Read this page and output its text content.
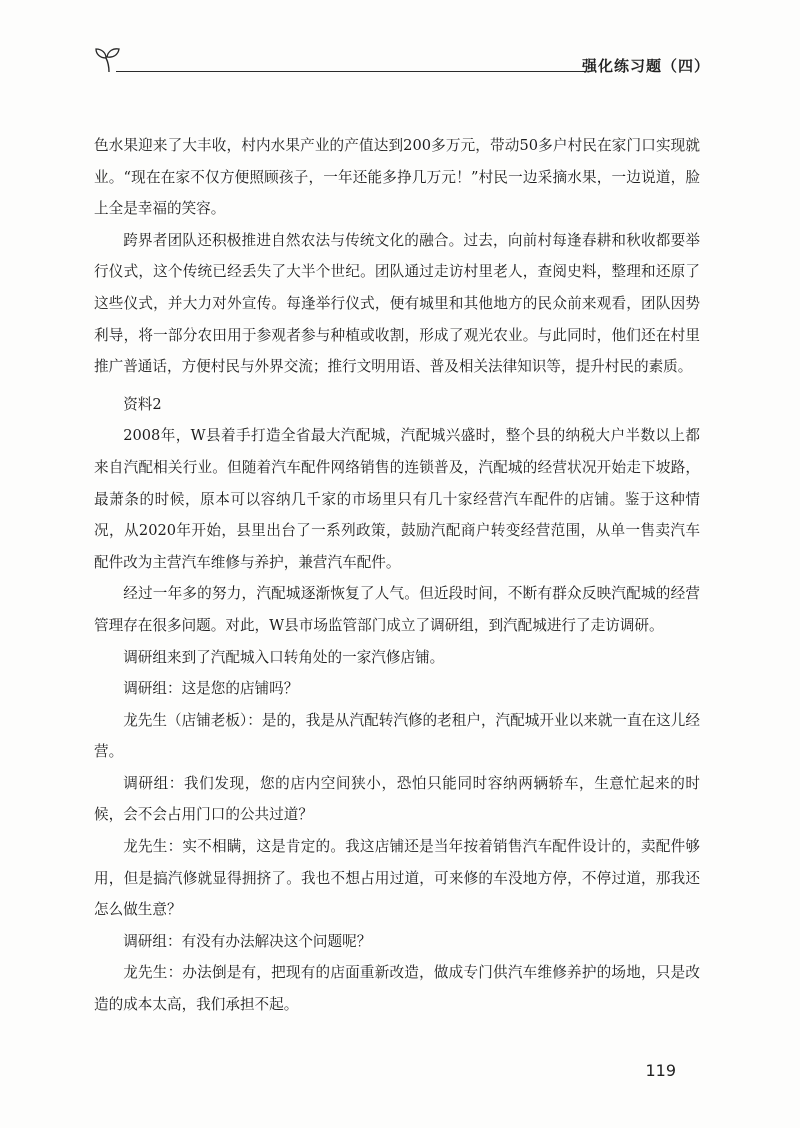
强化练习题（四）

色水果迎来了大丰收，村内水果产业的产值达到200多万元，带动50多户村民在家门口实现就业。“现在在家不仅方便照顾孩子，一年还能多挣几万元！”村民一边采摘水果，一边说道，脸上全是幸福的笑容。

跨界者团队还积极推进自然农法与传统文化的融合。过去，向前村每逢春耕和秋收都要举行仪式，这个传统已经丢失了大半个世纪。团队通过走访村里老人，查阅史料，整理和还原了这些仪式，并大力对外宣传。每逢举行仪式，便有城里和其他地方的民众前来观看，团队因势利导，将一部分农田用于参观者参与种植或收割，形成了观光农业。与此同时，他们还在村里推广普通话，方便村民与外界交流；推行文明用语、普及相关法律知识等，提升村民的素质。

资料2

2008年，W县着手打造全省最大汽配城，汽配城兴盛时，整个县的纳税大户半数以上都来自汽配相关行业。但随着汽车配件网络销售的连锁普及，汽配城的经营状况开始走下坡路，最萧条的时候，原本可以容纳几千家的市场里只有几十家经营汽车配件的店铺。鉴于这种情况，从2020年开始，县里出台了一系列政策，鼓励汽配商户转变经营范围，从单一售卖汽车配件改为主营汽车维修与养护，兼营汽车配件。

经过一年多的努力，汽配城逐渐恢复了人气。但近段时间，不断有群众反映汽配城的经营管理存在很多问题。对此，W县市场监管部门成立了调研组，到汽配城进行了走访调研。

调研组来到了汽配城入口转角处的一家汽修店铺。

调研组：这是您的店铺吗？

龙先生（店铺老板）：是的，我是从汽配转汽修的老租户，汽配城开业以来就一直在这儿经营。

调研组：我们发现，您的店内空间狭小，恐怕只能同时容纳两辆轿车，生意忙起来的时候，会不会占用门口的公共过道？

龙先生：实不相瞒，这是肯定的。我这店铺还是当年按着销售汽车配件设计的，卖配件够用，但是搞汽修就显得拥挤了。我也不想占用过道，可来修的车没地方停，不停过道，那我还怎么做生意？

调研组：有没有办法解决这个问题呢？

龙先生：办法倒是有，把现有的店面重新改造，做成专门供汽车维修养护的场地，只是改造的成本太高，我们承担不起。

119
